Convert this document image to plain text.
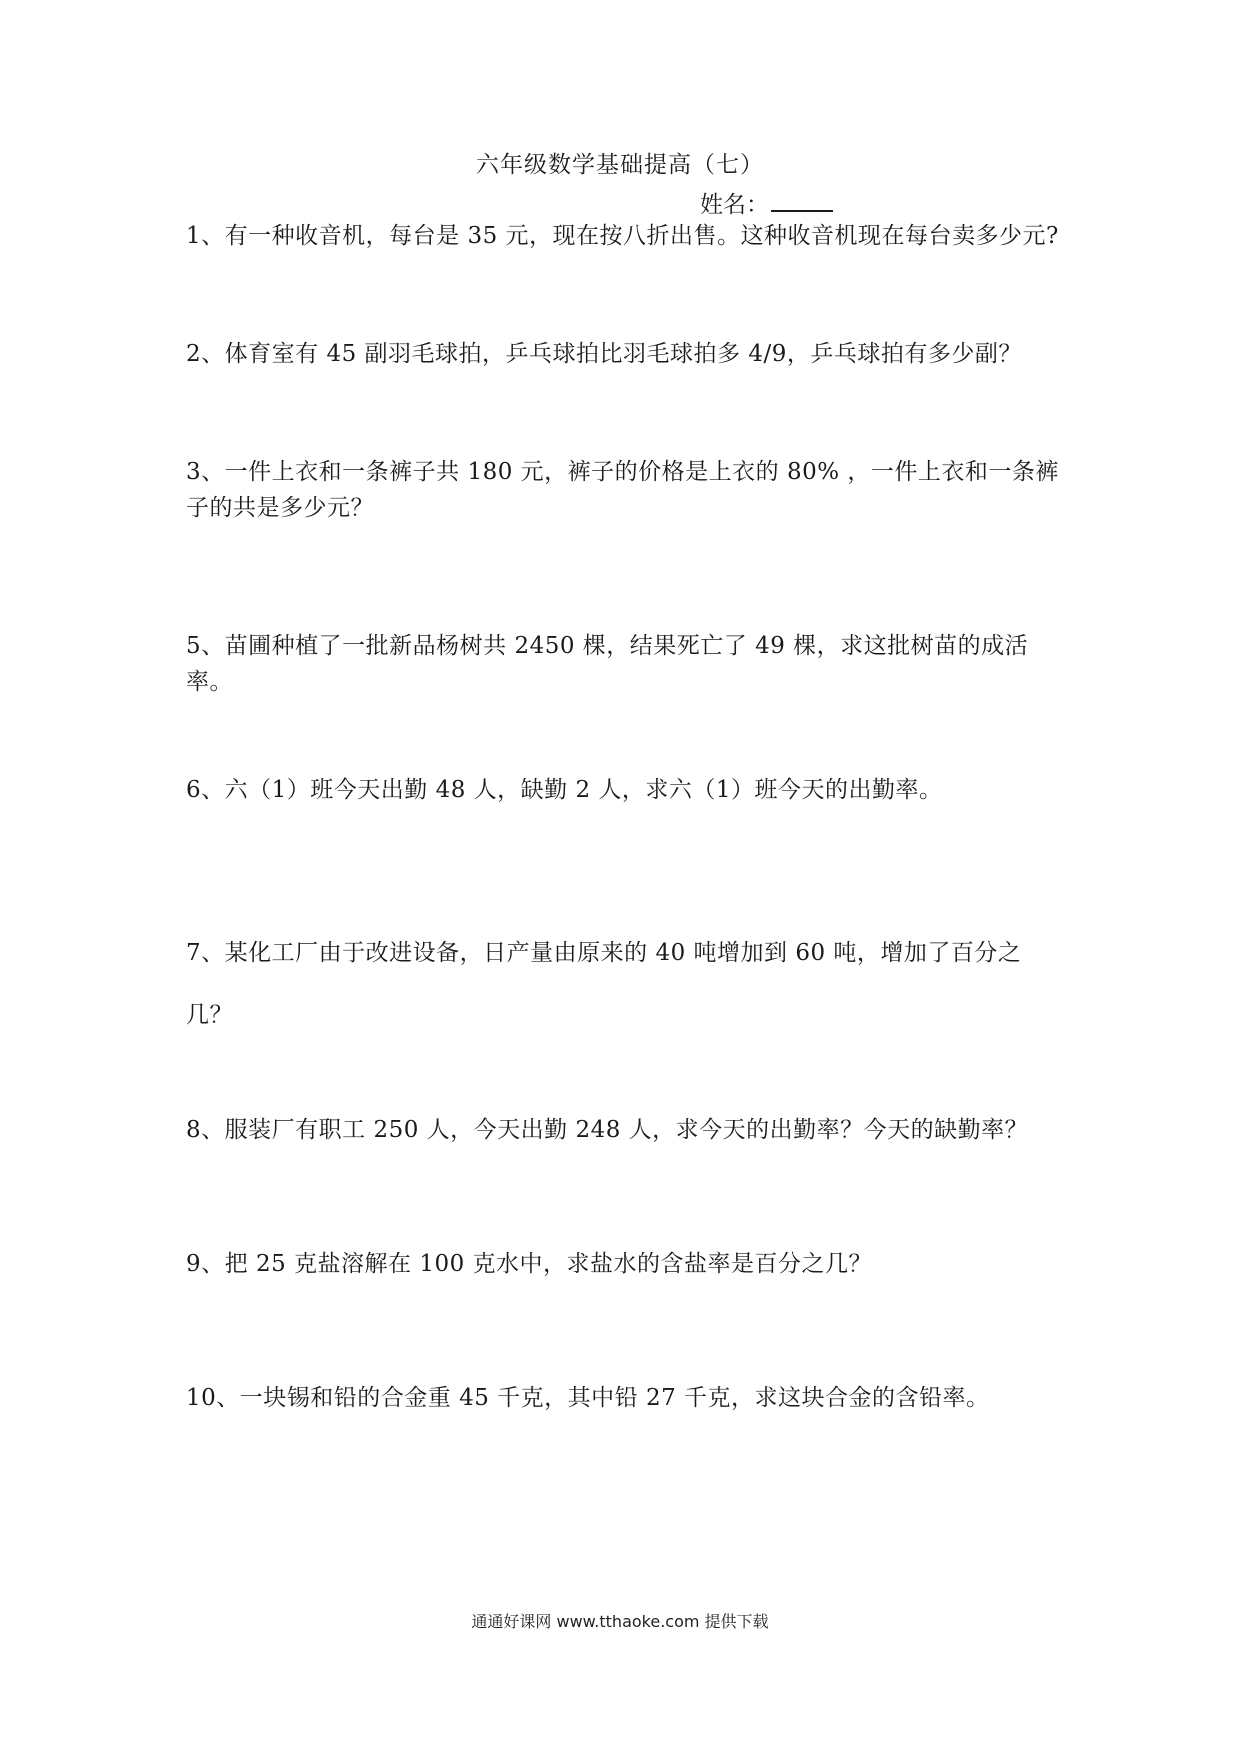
六年级数学基础提高（七）
姓名：
1、有一种收音机，每台是 35 元，现在按八折出售。这种收音机现在每台卖多少元?
2、体育室有 45 副羽毛球拍，乒乓球拍比羽毛球拍多 4/9，乒乓球拍有多少副？
3、一件上衣和一条裤子共 180 元，裤子的价格是上衣的 80% ，一件上衣和一条裤子的共是多少元？
5、苗圃种植了一批新品杨树共 2450 棵，结果死亡了 49 棵，求这批树苗的成活率。
6、六（1）班今天出勤 48 人，缺勤 2 人，求六（1）班今天的出勤率。
7、某化工厂由于改进设备，日产量由原来的 40 吨增加到 60 吨，增加了百分之几？
8、服装厂有职工 250 人，今天出勤 248 人，求今天的出勤率？今天的缺勤率？
9、把 25 克盐溶解在 100 克水中，求盐水的含盐率是百分之几？
10、一块锡和铅的合金重 45 千克，其中铅 27 千克，求这块合金的含铅率。
通通好课网 www.tthaoke.com 提供下载
